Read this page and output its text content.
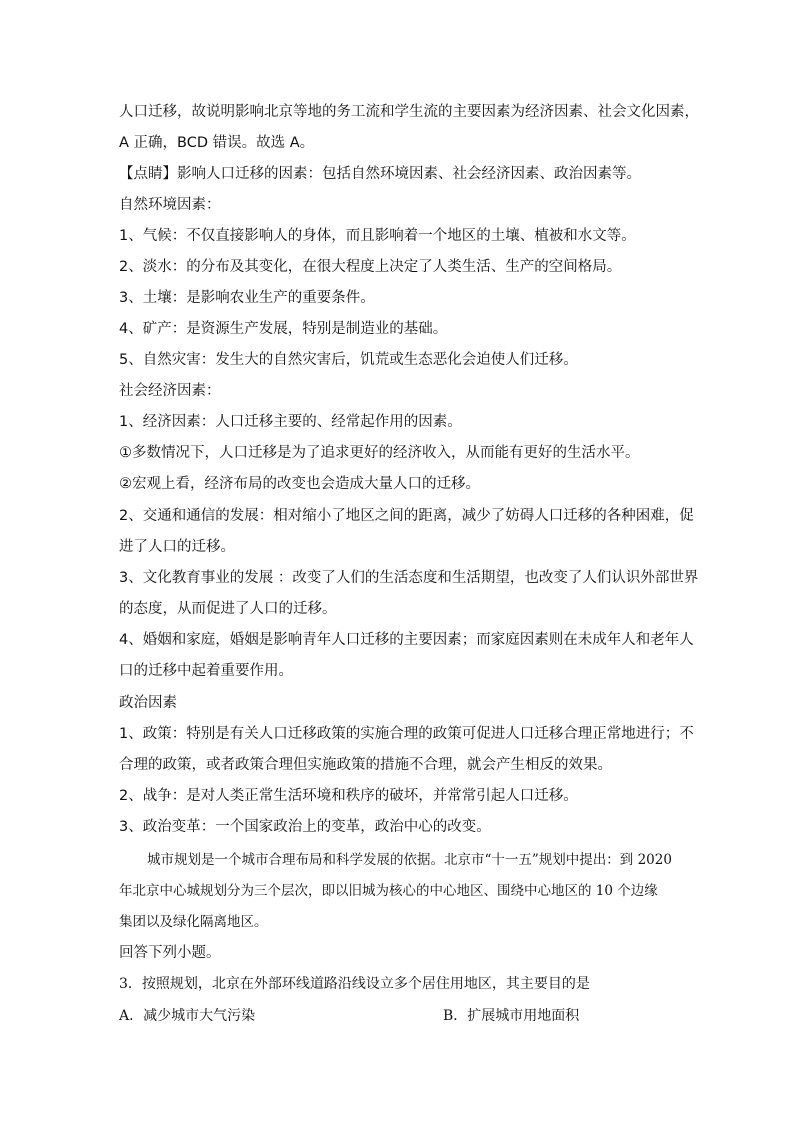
人口迁移，故说明影响北京等地的务工流和学生流的主要因素为经济因素、社会文化因素，
A 正确，BCD 错误。故选 A。
【点睛】影响人口迁移的因素：包括自然环境因素、社会经济因素、政治因素等。
自然环境因素：
1、气候：不仅直接影响人的身体，而且影响着一个地区的土壤、植被和水文等。
2、淡水：的分布及其变化，在很大程度上决定了人类生活、生产的空间格局。
3、土壤：是影响农业生产的重要条件。
4、矿产：是资源生产发展，特别是制造业的基础。
5、自然灾害：发生大的自然灾害后，饥荒或生态恶化会迫使人们迁移。
社会经济因素：
1、经济因素：人口迁移主要的、经常起作用的因素。
①多数情况下，人口迁移是为了追求更好的经济收入，从而能有更好的生活水平。
②宏观上看，经济布局的改变也会造成大量人口的迁移。
2、交通和通信的发展：相对缩小了地区之间的距离，减少了妨碍人口迁移的各种困难，促
进了人口的迁移。
3、文化教育事业的发展 ：改变了人们的生活态度和生活期望，也改变了人们认识外部世界
的态度，从而促进了人口的迁移。
4、婚姻和家庭，婚姻是影响青年人口迁移的主要因素；而家庭因素则在未成年人和老年人
口的迁移中起着重要作用。
政治因素
1、政策：特别是有关人口迁移政策的实施合理的政策可促进人口迁移合理正常地进行；不
合理的政策，或者政策合理但实施政策的措施不合理，就会产生相反的效果。
2、战争：是对人类正常生活环境和秩序的破坏，并常常引起人口迁移。
3、政治变革：一个国家政治上的变革，政治中心的改变。
城市规划是一个城市合理布局和科学发展的依据。北京市“十一五”规划中提出：到 2020
年北京中心城规划分为三个层次，即以旧城为核心的中心地区、围绕中心地区的 10 个边缘
集团以及绿化隔离地区。
回答下列小题。
3．按照规划，北京在外部环线道路沿线设立多个居住用地区，其主要目的是
A．减少城市大气污染	B．扩展城市用地面积
